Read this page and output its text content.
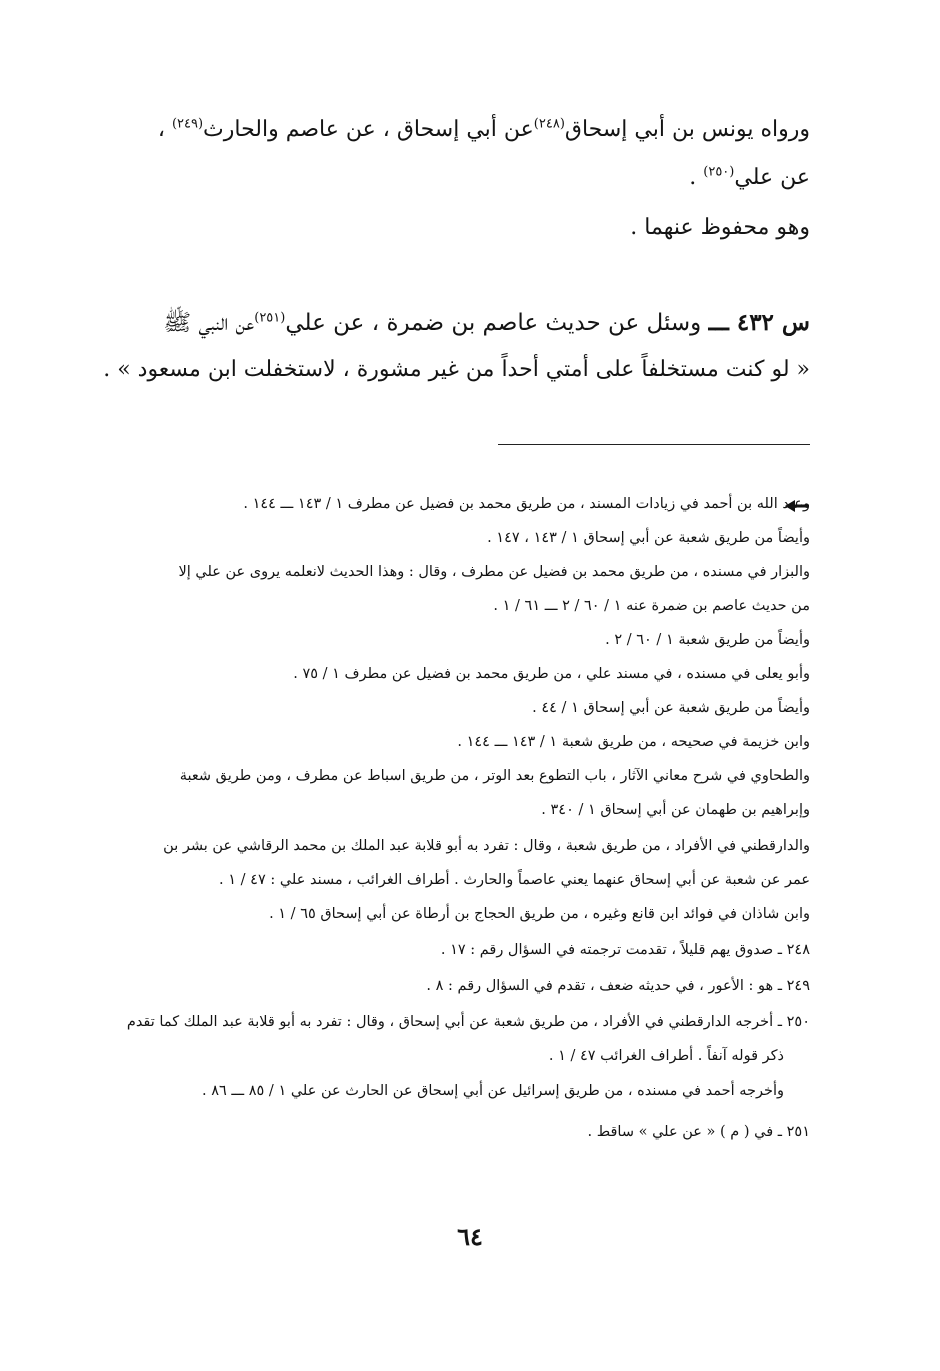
ورواه يونس بن أبي إسحاق$^{(٢٤٨)}$عن أبي إسحاق ، عن عاصم والحارث$^{(٢٤٩)}$ ،
عن علي$^{(٢٥٠)}$ .
وهو محفوظ عنهما .
س ٤٣٢ ـــ وسئل عن حديث عاصم بن ضمرة ، عن علي$^{(٢٥١)}$عن النبي ﷺ
« لو كنت مستخلفاً على أمتي أحداً من غير مشورة ، لاستخفلت ابن مسعود » .
وعبد الله بن أحمد في زيادات المسند ، من طريق محمد بن فضيل عن مطرف ١ / ١٤٣ ـــ ١٤٤ .
وأيضاً من طريق شعبة عن أبي إسحاق ١ / ١٤٣ ، ١٤٧ .
والبزار في مسنده ، من طريق محمد بن فضيل عن مطرف ، وقال : وهذا الحديث لانعلمه يروى عن علي إلا
من حديث عاصم بن ضمرة عنه ١ / ٦٠ / ٢ ـــ ٦١ / ١ .
وأيضاً من طريق شعبة ١ / ٦٠ / ٢ .
وأبو يعلى في مسنده ، في مسند علي ، من طريق محمد بن فضيل عن مطرف ١ / ٧٥ .
وأيضاً من طريق شعبة عن أبي إسحاق ١ / ٤٤ .
وابن خزيمة في صحيحه ، من طريق شعبة ١ / ١٤٣ ـــ ١٤٤ .
والطحاوي في شرح معاني الآثار ، باب التطوع بعد الوتر ، من طريق اسباط عن مطرف ، ومن طريق شعبة
وإبراهيم بن طهمان عن أبي إسحاق ١ / ٣٤٠ .
والدارقطني في الأفراد ، من طريق شعبة ، وقال : تفرد به أبو قلابة عبد الملك بن محمد الرقاشي عن بشر بن
عمر عن شعبة عن أبي إسحاق عنهما يعني عاصماً والحارث . أطراف الغرائب ، مسند علي : ٤٧ / ١ .
وابن شاذان في فوائد ابن قانع وغيره ، من طريق الحجاج بن أرطاة عن أبي إسحاق ٦٥ / ١ .
٢٤٨ ـ صدوق يهم قليلاً ، تقدمت ترجمته في السؤال رقم : ١٧ .
٢٤٩ ـ هو : الأعور ، في حديثه ضعف ، تقدم في السؤال رقم : ٨ .
٢٥٠ ـ أخرجه الدارقطني في الأفراد ، من طريق شعبة عن أبي إسحاق ، وقال : تفرد به أبو قلابة عبد الملك كما تقدم
ذكر قوله آنفاً . أطراف الغرائب ٤٧ / ١ .
وأخرجه أحمد في مسنده ، من طريق إسرائيل عن أبي إسحاق عن الحارث عن علي ١ / ٨٥ ـــ ٨٦ .
٢٥١ ـ في ( م ) « عن علي » ساقط .
٦٤
